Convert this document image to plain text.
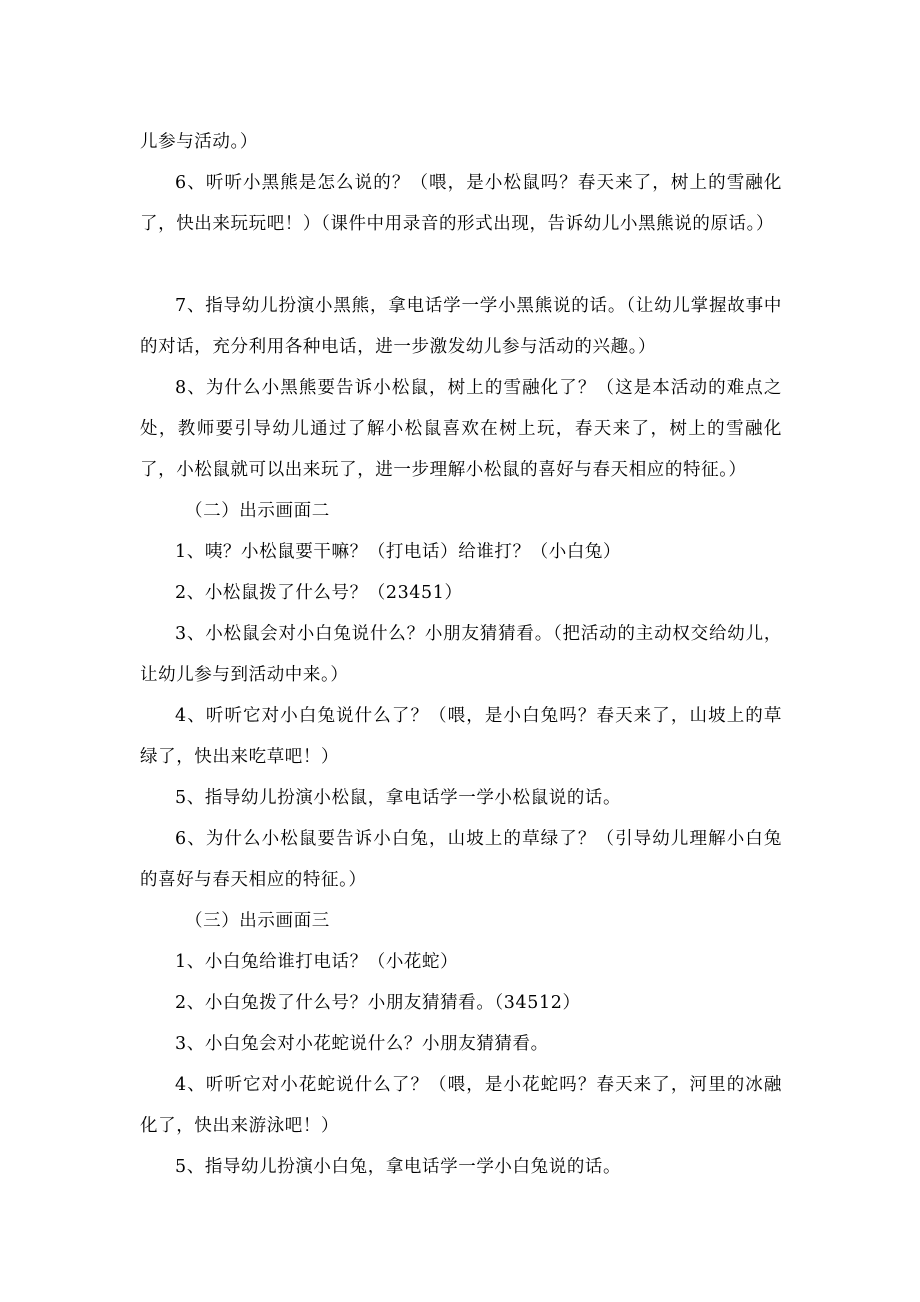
儿参与活动。）

6、听听小黑熊是怎么说的？（喂，是小松鼠吗？春天来了，树上的雪融化了，快出来玩玩吧！）（课件中用录音的形式出现，告诉幼儿小黑熊说的原话。）

7、指导幼儿扮演小黑熊，拿电话学一学小黑熊说的话。（让幼儿掌握故事中的对话，充分利用各种电话，进一步激发幼儿参与活动的兴趣。）

8、为什么小黑熊要告诉小松鼠，树上的雪融化了？（这是本活动的难点之处，教师要引导幼儿通过了解小松鼠喜欢在树上玩，春天来了，树上的雪融化了，小松鼠就可以出来玩了，进一步理解小松鼠的喜好与春天相应的特征。）

（二）出示画面二

1、咦？小松鼠要干嘛？（打电话）给谁打？（小白兔）

2、小松鼠拨了什么号？（23451）

3、小松鼠会对小白兔说什么？小朋友猜猜看。（把活动的主动权交给幼儿，让幼儿参与到活动中来。）

4、听听它对小白兔说什么了？（喂，是小白兔吗？春天来了，山坡上的草绿了，快出来吃草吧！）

5、指导幼儿扮演小松鼠，拿电话学一学小松鼠说的话。

6、为什么小松鼠要告诉小白兔，山坡上的草绿了？（引导幼儿理解小白兔的喜好与春天相应的特征。）

（三）出示画面三

1、小白兔给谁打电话？（小花蛇）

2、小白兔拨了什么号？小朋友猜猜看。（34512）

3、小白兔会对小花蛇说什么？小朋友猜猜看。

4、听听它对小花蛇说什么了？（喂，是小花蛇吗？春天来了，河里的冰融化了，快出来游泳吧！）

5、指导幼儿扮演小白兔，拿电话学一学小白兔说的话。
